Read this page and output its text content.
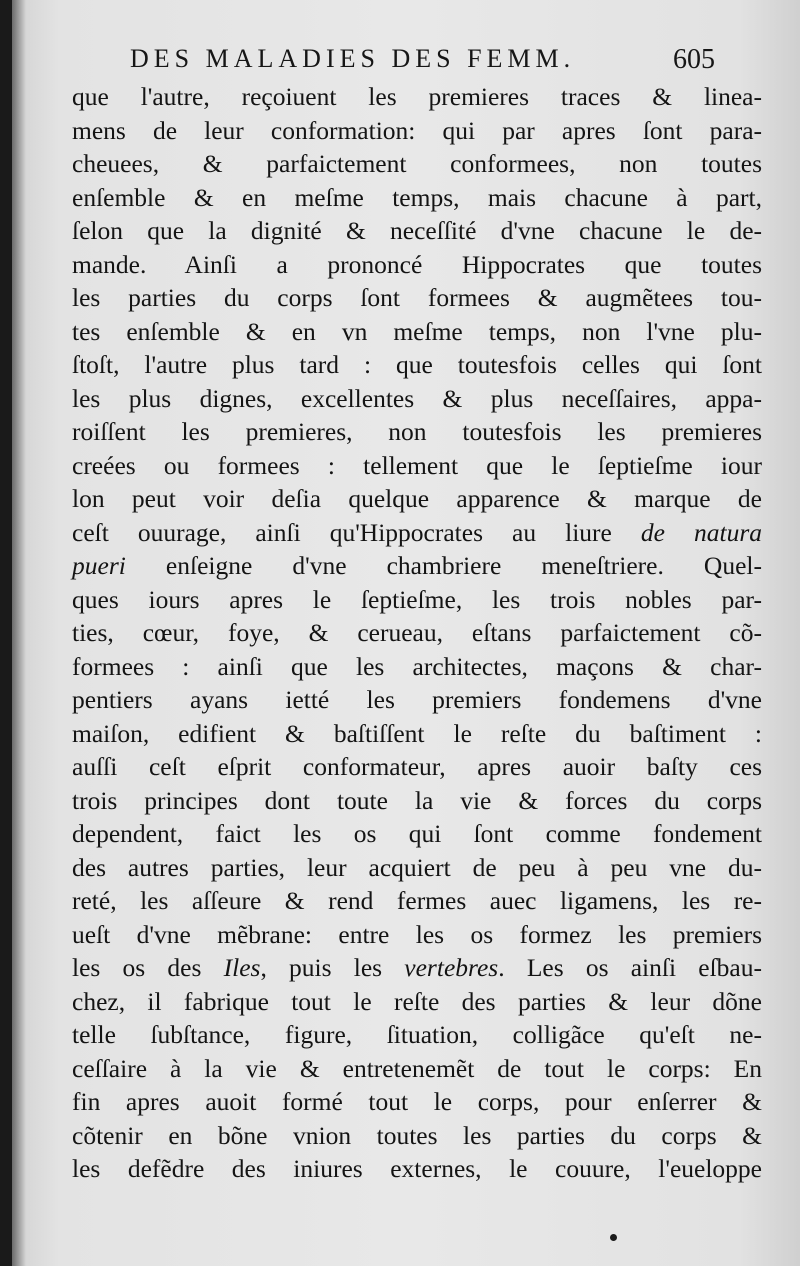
DES MALADIES DES FEMM.	605
que l'autre, reçoiuent les premieres traces & linea-
mens de leur conformation: qui par apres ſont para-
cheuees, & parfaictement conformees, non toutes
enſemble & en meſme temps, mais chacune à part,
ſelon que la dignité & neceſſité d'vne chacune le de-
mande. Ainſi a prononcé Hippocrates que toutes
les parties du corps ſont formees & augmẽtees tou-
tes enſemble & en vn meſme temps, non l'vne plu-
ſtoſt, l'autre plus tard : que toutesfois celles qui ſont
les plus dignes, excellentes & plus neceſſaires, appa-
roiſſent les premieres, non toutesfois les premieres
creées ou formees : tellement que le ſeptieſme iour
lon peut voir deſia quelque apparence & marque de
ceſt ouurage, ainſi qu'Hippocrates au liure de natura
pueri enſeigne d'vne chambriere meneſtriere. Quel-
ques iours apres le ſeptieſme, les trois nobles par-
ties, cœur, foye, & cerueau, eſtans parfaictement cõ-
formees : ainſi que les architectes, maçons & char-
pentiers ayans ietté les premiers fondemens d'vne
maiſon, edifient & baſtiſſent le reſte du baſtiment :
auſſi ceſt eſprit conformateur, apres auoir baſty ces
trois principes dont toute la vie & forces du corps
dependent, faict les os qui ſont comme fondement
des autres parties, leur acquiert de peu à peu vne du-
reté, les aſſeure & rend fermes auec ligamens, les re-
ueſt d'vne mẽbrane: entre les os formez les premiers
les os des Iles, puis les vertebres. Les os ainſi eſbau-
chez, il fabrique tout le reſte des parties & leur dõne
telle ſubſtance, figure, ſituation, colligãce qu'eſt ne-
ceſſaire à la vie & entretenemẽt de tout le corps: En
fin apres auoit formé tout le corps, pour enſerrer &
cõtenir en bõne vnion toutes les parties du corps &
les defẽdre des iniures externes, le couure, l'eueloppe
